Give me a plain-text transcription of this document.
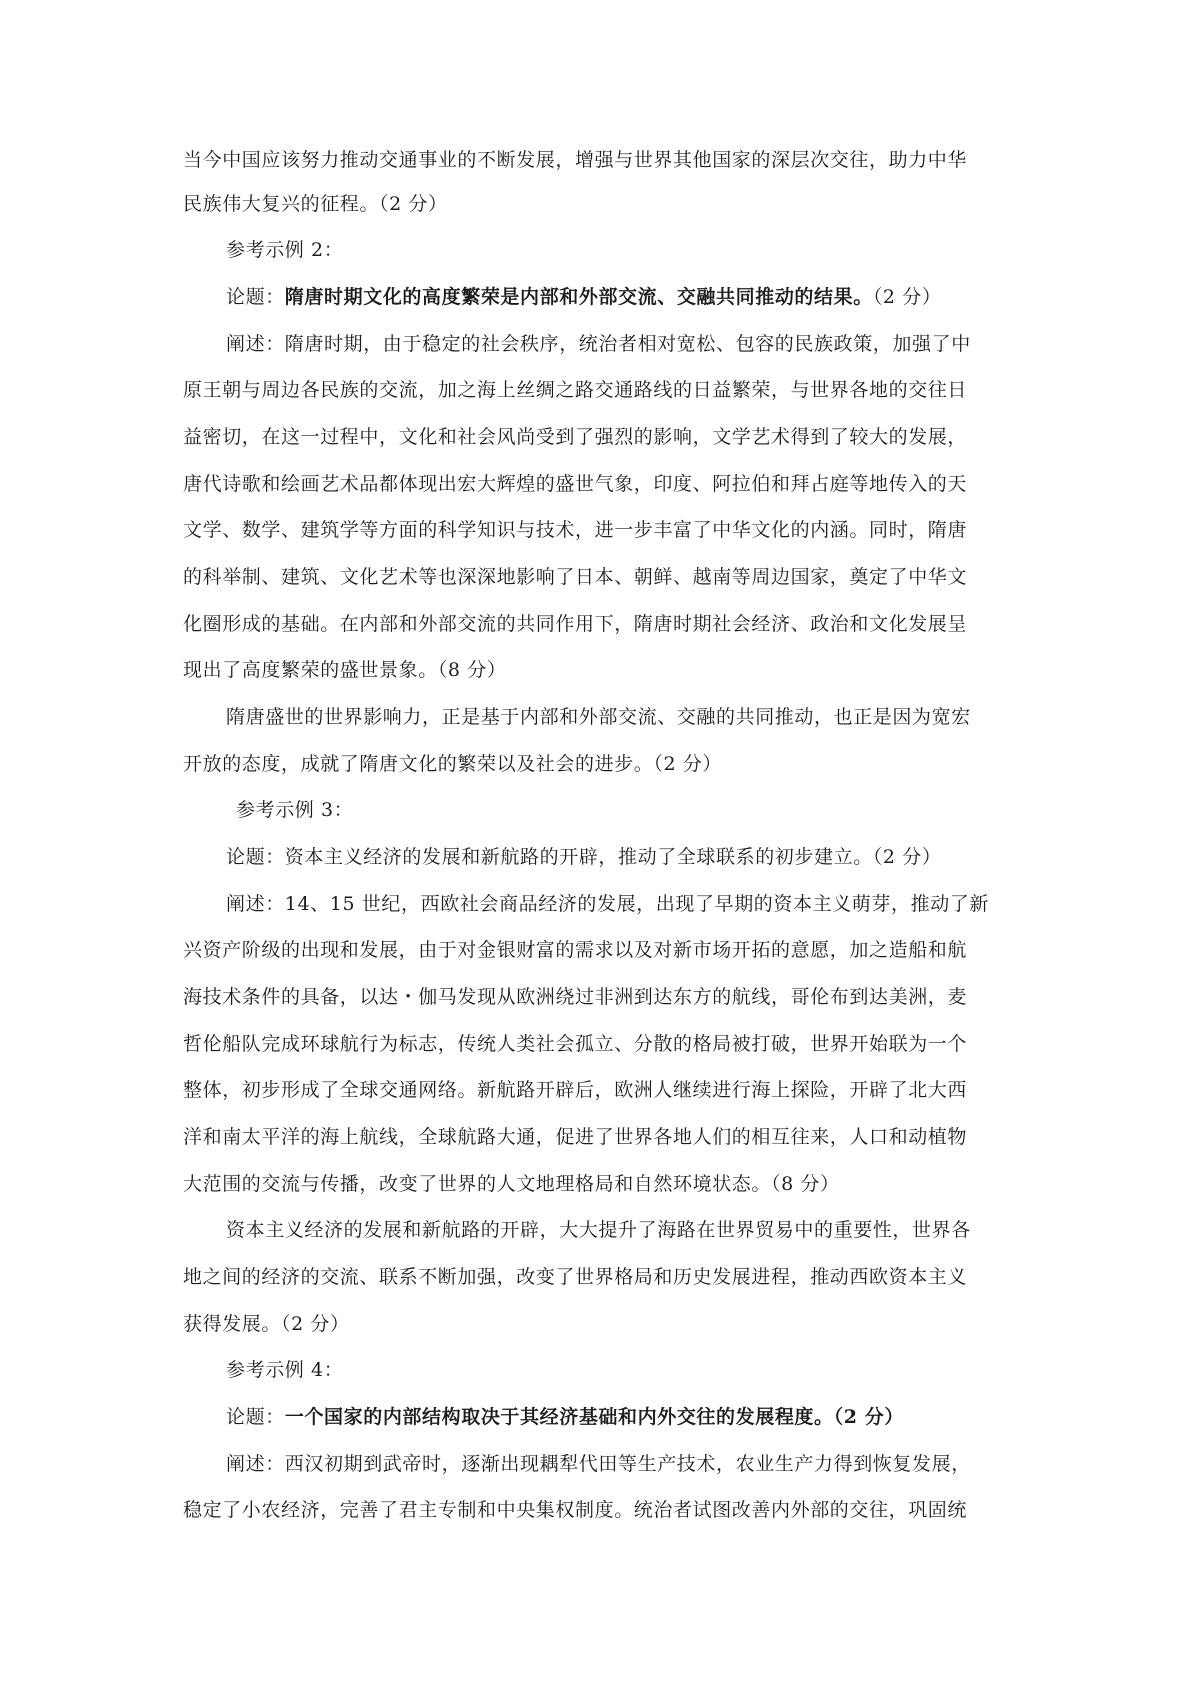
当今中国应该努力推动交通事业的不断发展，增强与世界其他国家的深层次交往，助力中华
民族伟大复兴的征程。（2 分）
参考示例 2：
论题：隋唐时期文化的高度繁荣是内部和外部交流、交融共同推动的结果。（2 分）
阐述：隋唐时期，由于稳定的社会秩序，统治者相对宽松、包容的民族政策，加强了中
原王朝与周边各民族的交流，加之海上丝绸之路交通路线的日益繁荣，与世界各地的交往日
益密切，在这一过程中，文化和社会风尚受到了强烈的影响，文学艺术得到了较大的发展，
唐代诗歌和绘画艺术品都体现出宏大辉煌的盛世气象，印度、阿拉伯和拜占庭等地传入的天
文学、数学、建筑学等方面的科学知识与技术，进一步丰富了中华文化的内涵。同时，隋唐
的科举制、建筑、文化艺术等也深深地影响了日本、朝鲜、越南等周边国家，奠定了中华文
化圈形成的基础。在内部和外部交流的共同作用下，隋唐时期社会经济、政治和文化发展呈
现出了高度繁荣的盛世景象。（8 分）
隋唐盛世的世界影响力，正是基于内部和外部交流、交融的共同推动，也正是因为宽宏
开放的态度，成就了隋唐文化的繁荣以及社会的进步。（2 分）
参考示例 3：
论题：资本主义经济的发展和新航路的开辟，推动了全球联系的初步建立。（2 分）
阐述：14、15 世纪，西欧社会商品经济的发展，出现了早期的资本主义萌芽，推动了新
兴资产阶级的出现和发展，由于对金银财富的需求以及对新市场开拓的意愿，加之造船和航
海技术条件的具备，以达・伽马发现从欧洲绕过非洲到达东方的航线，哥伦布到达美洲，麦
哲伦船队完成环球航行为标志，传统人类社会孤立、分散的格局被打破，世界开始联为一个
整体，初步形成了全球交通网络。新航路开辟后，欧洲人继续进行海上探险，开辟了北大西
洋和南太平洋的海上航线，全球航路大通，促进了世界各地人们的相互往来，人口和动植物
大范围的交流与传播，改变了世界的人文地理格局和自然环境状态。（8 分）
资本主义经济的发展和新航路的开辟，大大提升了海路在世界贸易中的重要性，世界各
地之间的经济的交流、联系不断加强，改变了世界格局和历史发展进程，推动西欧资本主义
获得发展。（2 分）
参考示例 4：
论题：一个国家的内部结构取决于其经济基础和内外交往的发展程度。（2 分）
阐述：西汉初期到武帝时，逐渐出现耦犁代田等生产技术，农业生产力得到恢复发展，
稳定了小农经济，完善了君主专制和中央集权制度。统治者试图改善内外部的交往，巩固统
